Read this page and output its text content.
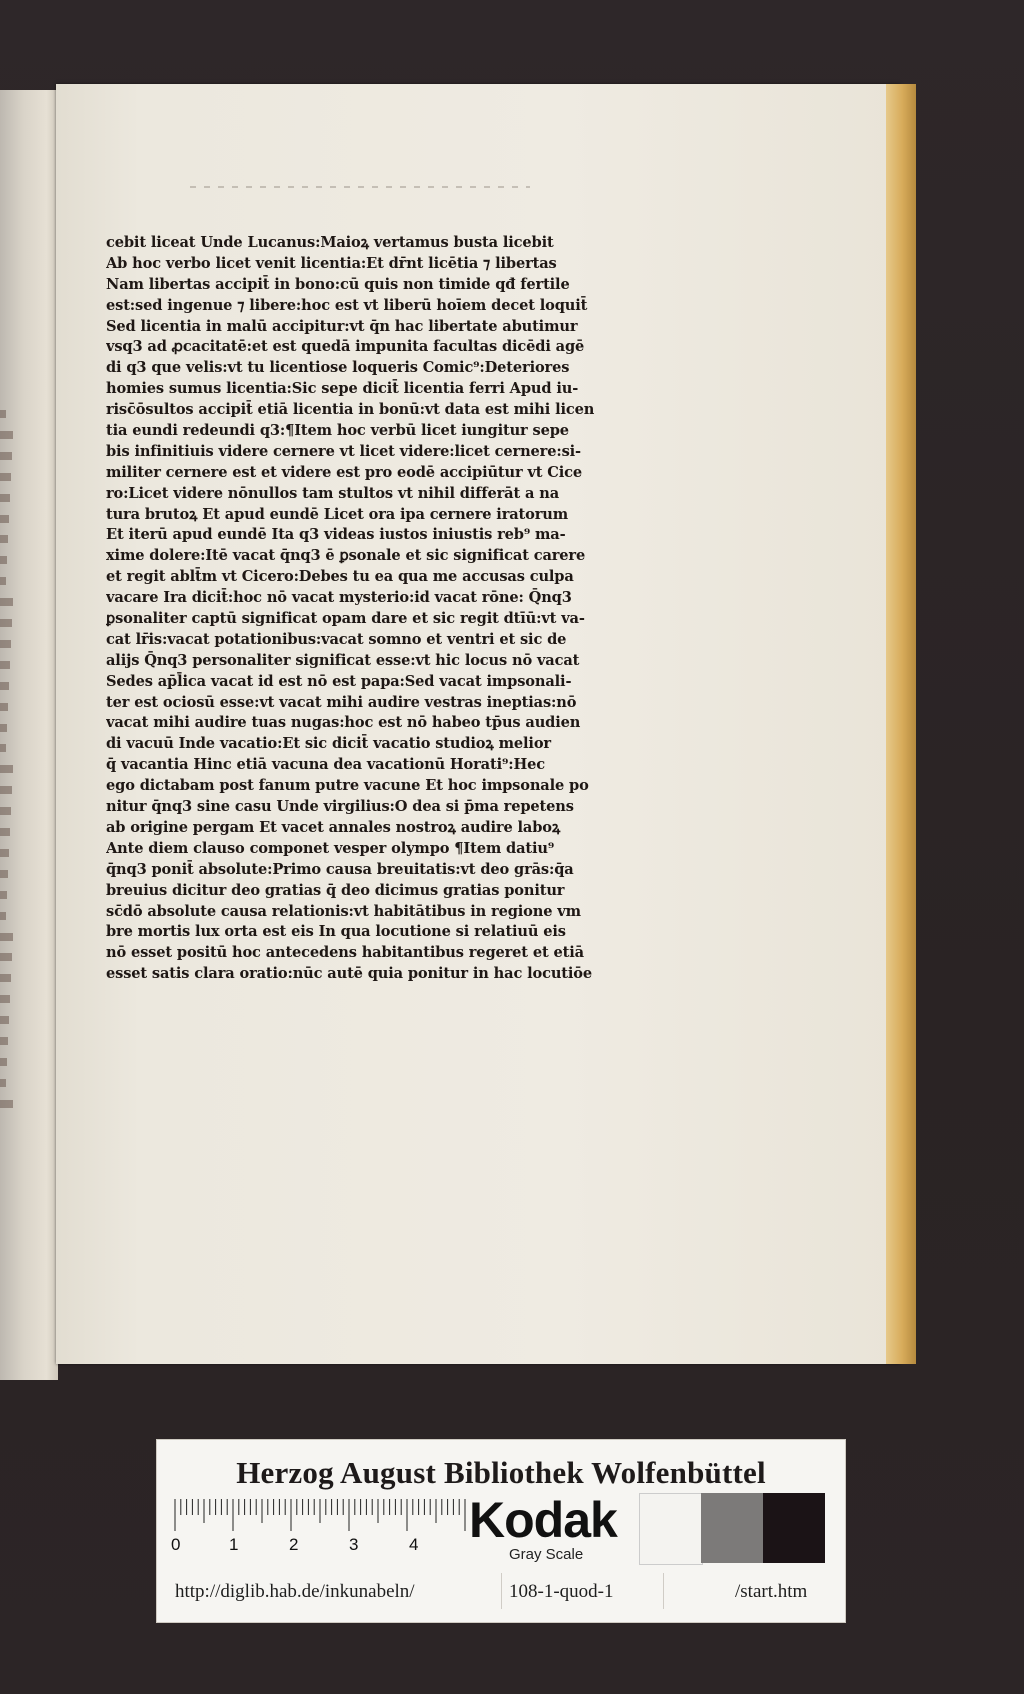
cebit liceat Unde Lucanus:Maioꝝ vertamus busta licebit
Ab hoc verbo licet venit licentia:Et dr̄nt licētia ⁊ libertas
Nam libertas accipit̄ in bono:cū quis non timide qđ fertile
est:sed ingenue ⁊ libere:hoc est vt liberū hoīem decet loquit̄
Sed licentia in malū accipitur:vt q̄n hac libertate abutimur
vsq3 ad ꝓcacitatē:et est quedā impunita facultas dicēdi agē
di q3 que velis:vt tu licentiose loqueris Comic⁹:Deteriores
homies sumus licentia:Sic sepe dicit̄ licentia ferri Apud iu-
risc̄ōsultos accipit̄ etiā licentia in bonū:vt data est mihi licen
tia eundi redeundi q3:¶Item hoc verbū licet iungitur sepe
bis infinitiuis videre cernere vt licet videre:licet cernere:si-
militer cernere est et videre est pro eodē accipiūtur vt Cice
ro:Licet videre nōnullos tam stultos vt nihil differāt a na
tura brutoꝝ Et apud eundē Licet ora ipa cernere iratorum
Et iterū apud eundē Ita q3 videas iustos iniustis reb⁹ ma-
xime dolere:Itē vacat q̄nq3 ē ꝑsonale et sic significat carere
et regit ablt̄m vt Cicero:Debes tu ea qua me accusas culpa
vacare Ira dicit̄:hoc nō vacat mysterio:id vacat rōne: Q̄nq3
ꝑsonaliter captū significat opam dare et sic regit dtīū:vt va-
cat lr̄is:vacat potationibus:vacat somno et ventri et sic de
alijs Q̄nq3 personaliter significat esse:vt hic locus nō vacat
Sedes ap̄l̄ica vacat id est nō est papa:Sed vacat impsonali-
ter est ociosū esse:vt vacat mihi audire vestras ineptias:nō
vacat mihi audire tuas nugas:hoc est nō habeo tp̄us audien
di vacuū Inde vacatio:Et sic dicit̄ vacatio studioꝝ melior
q̄ vacantia Hinc etiā vacuna dea vacationū Horati⁹:Hec
ego dictabam post fanum putre vacune Et hoc impsonale po
nitur q̄nq3 sine casu Unde virgilius:O dea si p̄ma repetens
ab origine pergam Et vacet annales nostroꝝ audire laboꝝ
Ante diem clauso componet vesper olympo ¶Item datiu⁹
q̄nq3 ponit̄ absolute:Primo causa breuitatis:vt deo grās:q̄a
breuius dicitur deo gratias q̄ deo dicimus gratias ponitur
sc̄dō absolute causa relationis:vt habitātibus in regione vm
bre mortis lux orta est eis In qua locutione si relatiuū eis
nō esset positū hoc antecedens habitantibus regeret et etiā
esset satis clara oratio:nūc autē quia ponitur in hac locutiōe
Herzog August Bibliothek Wolfenbüttel
0	1	2	3	4 Kodak
Gray Scale
http://diglib.hab.de/inkunabeln/	108-1-quod-1	/start.htm
